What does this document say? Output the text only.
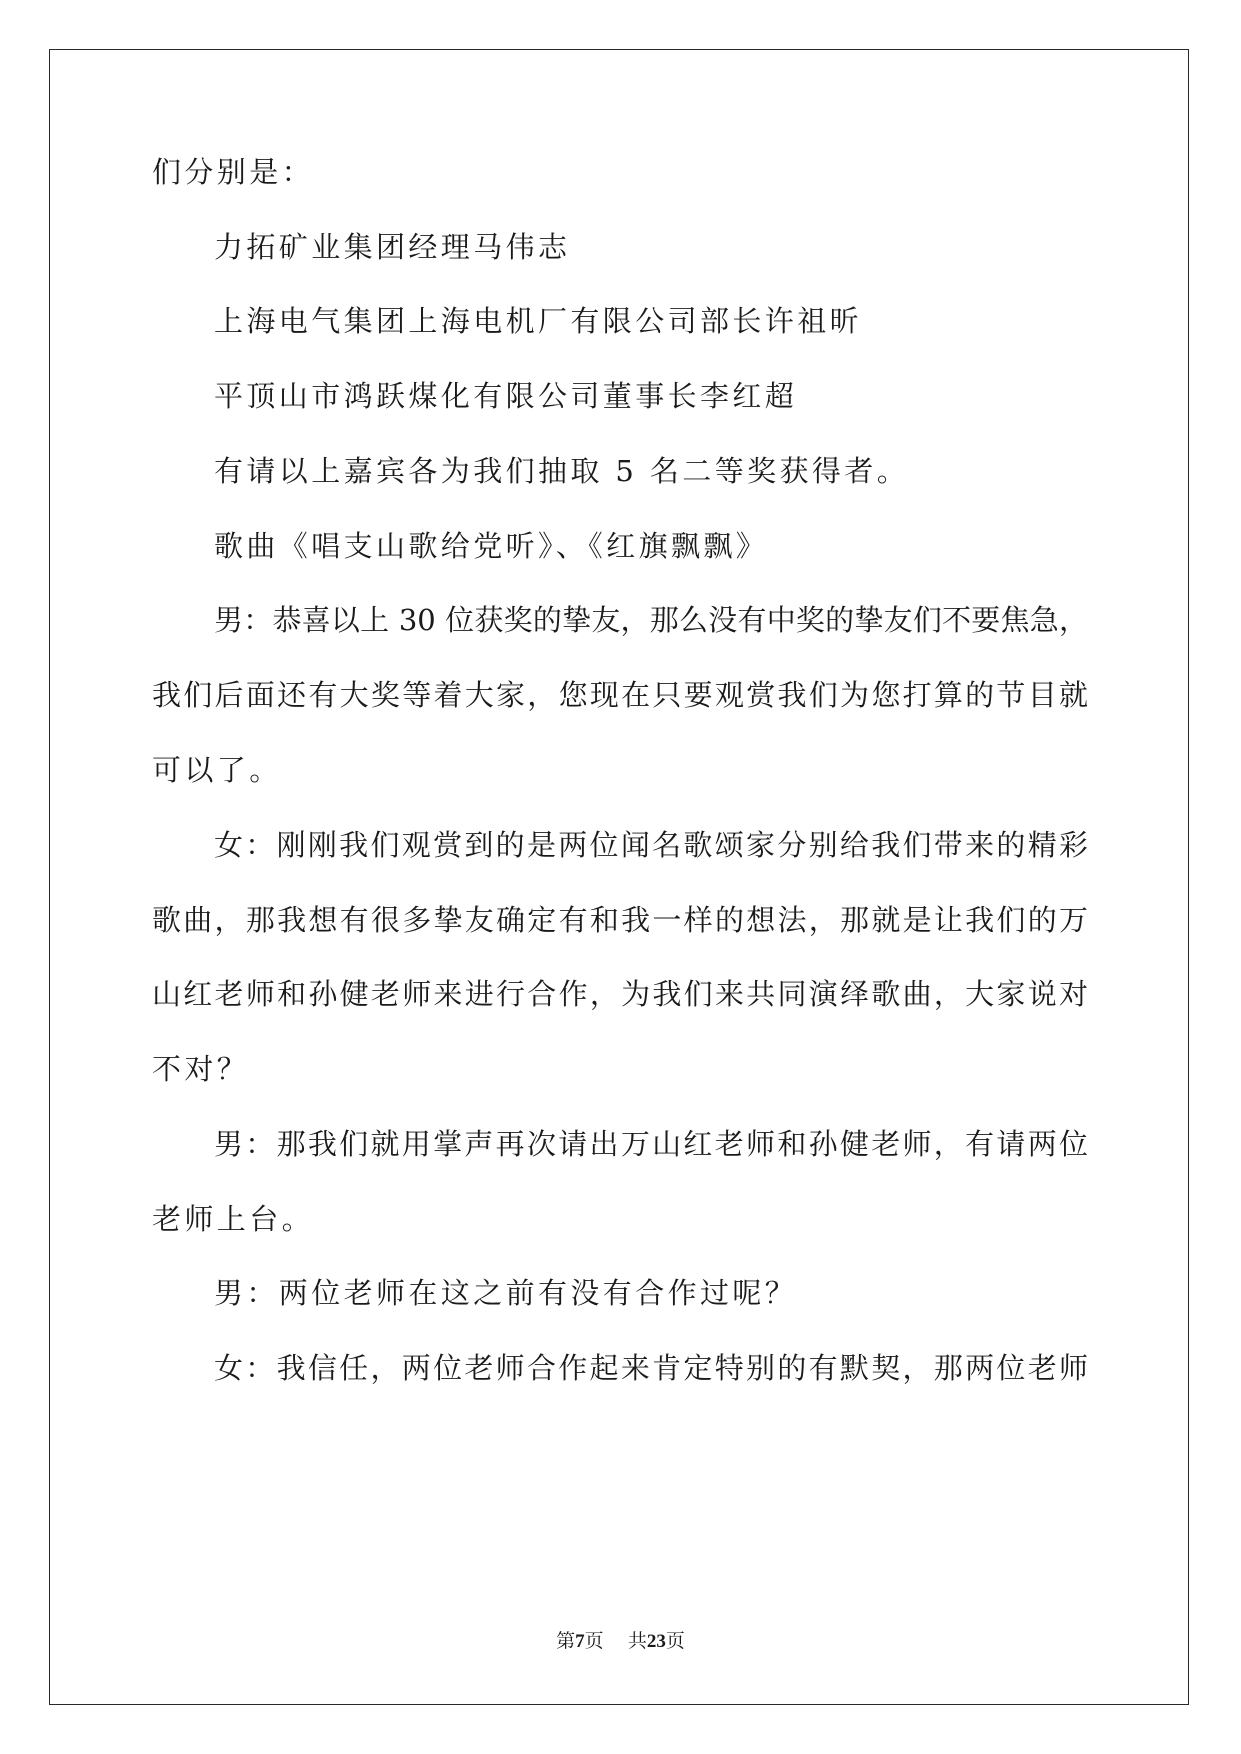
们分别是：
力拓矿业集团经理马伟志
上海电气集团上海电机厂有限公司部长许祖昕
平顶山市鸿跃煤化有限公司董事长李红超
有请以上嘉宾各为我们抽取 5 名二等奖获得者。
歌曲《唱支山歌给党听》、《红旗飘飘》
男：恭喜以上 30 位获奖的挚友，那么没有中奖的挚友们不要焦急，
我们后面还有大奖等着大家，您现在只要观赏我们为您打算的节目就
可以了。
女：刚刚我们观赏到的是两位闻名歌颂家分别给我们带来的精彩
歌曲，那我想有很多挚友确定有和我一样的想法，那就是让我们的万
山红老师和孙健老师来进行合作，为我们来共同演绎歌曲，大家说对
不对？
男：那我们就用掌声再次请出万山红老师和孙健老师，有请两位
老师上台。
男：两位老师在这之前有没有合作过呢？
女：我信任，两位老师合作起来肯定特别的有默契，那两位老师
第7页 共23页
